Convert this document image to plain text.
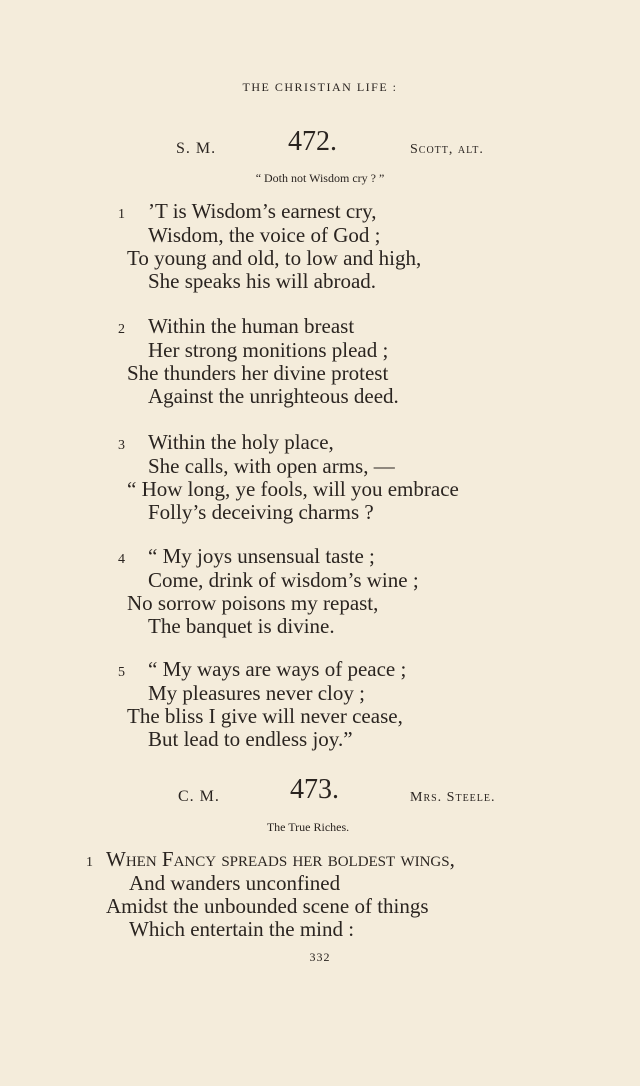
THE CHRISTIAN LIFE :
S. M.	472.	Scott, alt.
“ Doth not Wisdom cry ? ”
1 ’T is Wisdom’s earnest cry,
Wisdom, the voice of God ;
To young and old, to low and high,
She speaks his will abroad.
2 Within the human breast
Her strong monitions plead ;
She thunders her divine protest
Against the unrighteous deed.
3 Within the holy place,
She calls, with open arms, —
“ How long, ye fools, will you embrace
Folly’s deceiving charms ?
4 “ My joys unsensual taste ;
Come, drink of wisdom’s wine ;
No sorrow poisons my repast,
The banquet is divine.
5 “ My ways are ways of peace ;
My pleasures never cloy ;
The bliss I give will never cease,
But lead to endless joy.”
C. M.	473.	Mrs. Steele.
The True Riches.
1 When Fancy spreads her boldest wings,
And wanders unconfined
Amidst the unbounded scene of things
Which entertain the mind :
332
